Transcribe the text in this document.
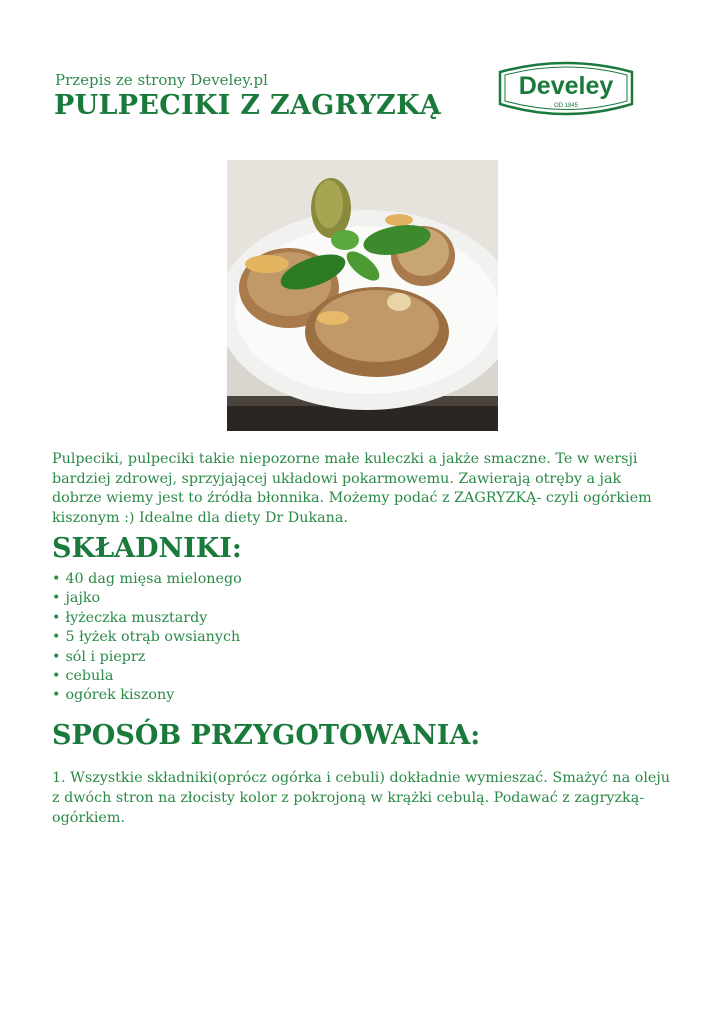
Przepis ze strony Develey.pl
PULPECIKI Z ZAGRYZKĄ
Develey
OD 1845

Pulpeciki, pulpeciki takie niepozorne małe kuleczki a jakże smaczne. Te w wersji bardziej zdrowej, sprzyjającej układowi pokarmowemu. Zawierają otręby a jak dobrze wiemy jest to źródła błonnika. Możemy podać z ZAGRYZKĄ- czyli ogórkiem kiszonym :) Idealne dla diety Dr Dukana.

SKŁADNIKI:
• 40 dag mięsa mielonego
• jajko
• łyżeczka musztardy
• 5 łyżek otrąb owsianych
• sól i pieprz
• cebula
• ogórek kiszony
SPOSÓB PRZYGOTOWANIA:

1. Wszystkie składniki(oprócz ogórka i cebuli) dokładnie wymieszać. Smażyć na oleju z dwóch stron na złocisty kolor z pokrojoną w krążki cebulą. Podawać z zagryzką- ogórkiem.
